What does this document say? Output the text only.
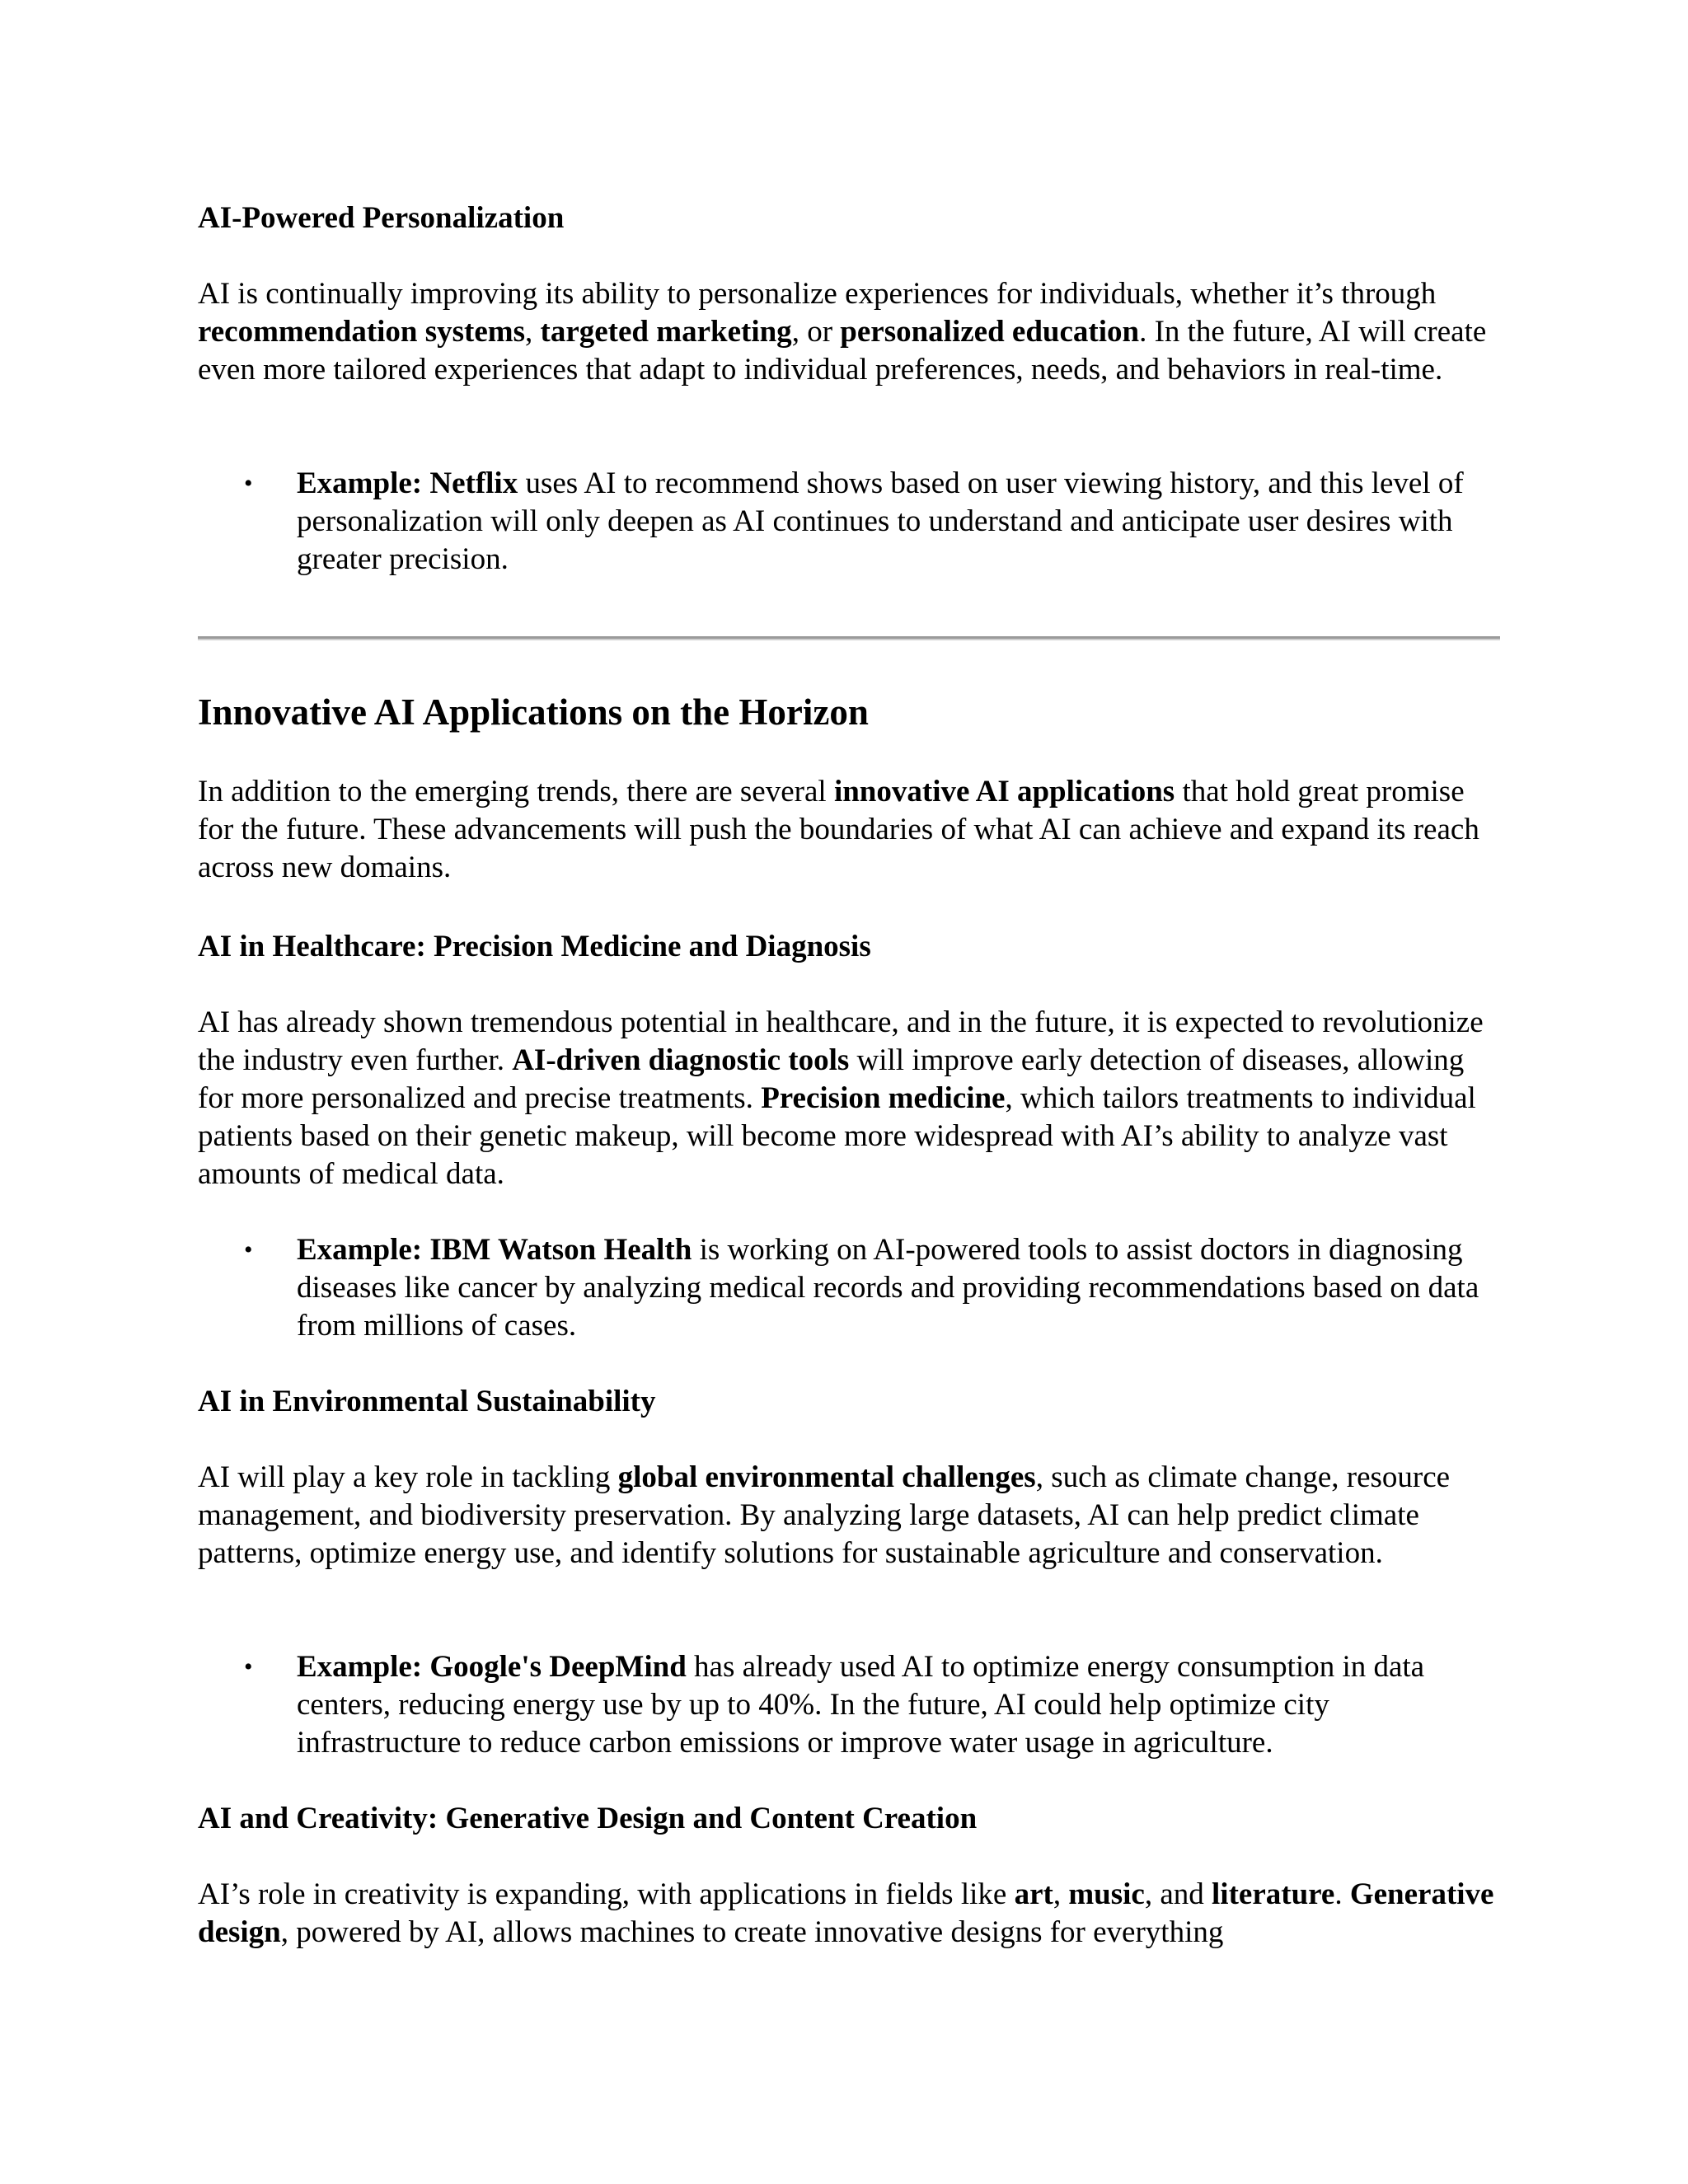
AI-Powered Personalization

AI is continually improving its ability to personalize experiences for individuals, whether it’s through recommendation systems, targeted marketing, or personalized education. In the future, AI will create even more tailored experiences that adapt to individual preferences, needs, and behaviors in real-time.

• Example: Netflix uses AI to recommend shows based on user viewing history, and this level of personalization will only deepen as AI continues to understand and anticipate user desires with greater precision.
Innovative AI Applications on the Horizon

In addition to the emerging trends, there are several innovative AI applications that hold great promise for the future. These advancements will push the boundaries of what AI can achieve and expand its reach across new domains.

AI in Healthcare: Precision Medicine and Diagnosis

AI has already shown tremendous potential in healthcare, and in the future, it is expected to revolutionize the industry even further. AI-driven diagnostic tools will improve early detection of diseases, allowing for more personalized and precise treatments. Precision medicine, which tailors treatments to individual patients based on their genetic makeup, will become more widespread with AI’s ability to analyze vast amounts of medical data.

• Example: IBM Watson Health is working on AI-powered tools to assist doctors in diagnosing diseases like cancer by analyzing medical records and providing recommendations based on data from millions of cases.
AI in Environmental Sustainability

AI will play a key role in tackling global environmental challenges, such as climate change, resource management, and biodiversity preservation. By analyzing large datasets, AI can help predict climate patterns, optimize energy use, and identify solutions for sustainable agriculture and conservation.

• Example: Google's DeepMind has already used AI to optimize energy consumption in data centers, reducing energy use by up to 40%. In the future, AI could help optimize city infrastructure to reduce carbon emissions or improve water usage in agriculture.
AI and Creativity: Generative Design and Content Creation

AI’s role in creativity is expanding, with applications in fields like art, music, and literature. Generative design, powered by AI, allows machines to create innovative designs for everything
